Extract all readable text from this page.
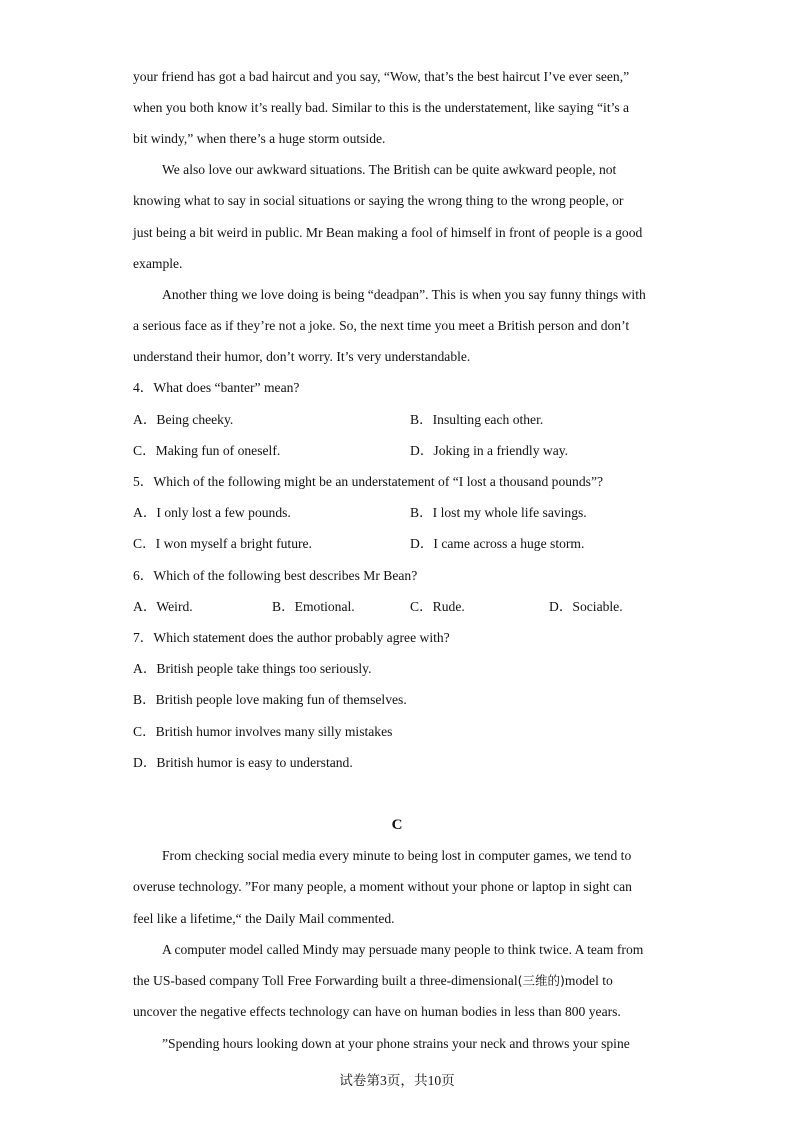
your friend has got a bad haircut and you say, “Wow, that’s the best haircut I’ve ever seen,”
when you both know it’s really bad. Similar to this is the understatement, like saying “it’s a
bit windy,” when there’s a huge storm outside.
We also love our awkward situations. The British can be quite awkward people, not
knowing what to say in social situations or saying the wrong thing to the wrong people, or
just being a bit weird in public. Mr Bean making a fool of himself in front of people is a good
example.
Another thing we love doing is being “deadpan”. This is when you say funny things with
a serious face as if they’re not a joke. So, the next time you meet a British person and don’t
understand their humor, don’t worry. It’s very understandable.
4．What does “banter” mean?
A．Being cheeky.	B．Insulting each other.
C．Making fun of oneself.	D．Joking in a friendly way.
5．Which of the following might be an understatement of “I lost a thousand pounds”?
A．I only lost a few pounds.	B．I lost my whole life savings.
C．I won myself a bright future.	D．I came across a huge storm.
6．Which of the following best describes Mr Bean?
A．Weird.	B．Emotional.	C．Rude.	D．Sociable.
7．Which statement does the author probably agree with?
A．British people take things too seriously.
B．British people love making fun of themselves.
C．British humor involves many silly mistakes
D．British humor is easy to understand.
C
From checking social media every minute to being lost in computer games, we tend to
overuse technology. ”For many people, a moment without your phone or laptop in sight can
feel like a lifetime,“ the Daily Mail commented.
A computer model called Mindy may persuade many people to think twice. A team from
the US-based company Toll Free Forwarding built a three-dimensional(三维的)model to
uncover the negative effects technology can have on human bodies in less than 800 years.
”Spending hours looking down at your phone strains your neck and throws your spine
试卷第3页，共10页
